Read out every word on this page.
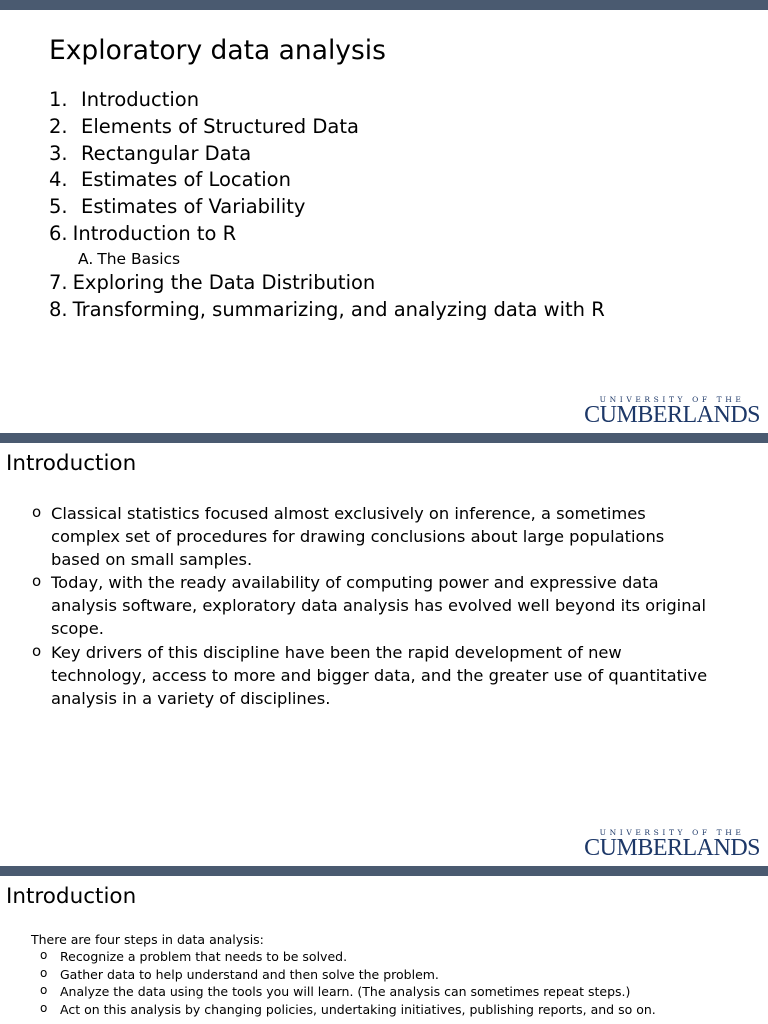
Exploratory data analysis
1. Introduction
2. Elements of Structured Data
3. Rectangular Data
4. Estimates of Location
5. Estimates of Variability
6. Introduction to R
A. The Basics
7. Exploring the Data Distribution
8. Transforming, summarizing, and analyzing data with R
UNIVERSITY OF THE
CUMBERLANDS
Introduction
o Classical statistics focused almost exclusively on inference, a sometimes complex set of procedures for drawing conclusions about large populations based on small samples.
o Today, with the ready availability of computing power and expressive data analysis software, exploratory data analysis has evolved well beyond its original scope.
o Key drivers of this discipline have been the rapid development of new technology, access to more and bigger data, and the greater use of quantitative analysis in a variety of disciplines.
UNIVERSITY OF THE
CUMBERLANDS
Introduction
There are four steps in data analysis:
o Recognize a problem that needs to be solved.
o Gather data to help understand and then solve the problem.
o Analyze the data using the tools you will learn. (The analysis can sometimes repeat steps.)
o Act on this analysis by changing policies, undertaking initiatives, publishing reports, and so on.
